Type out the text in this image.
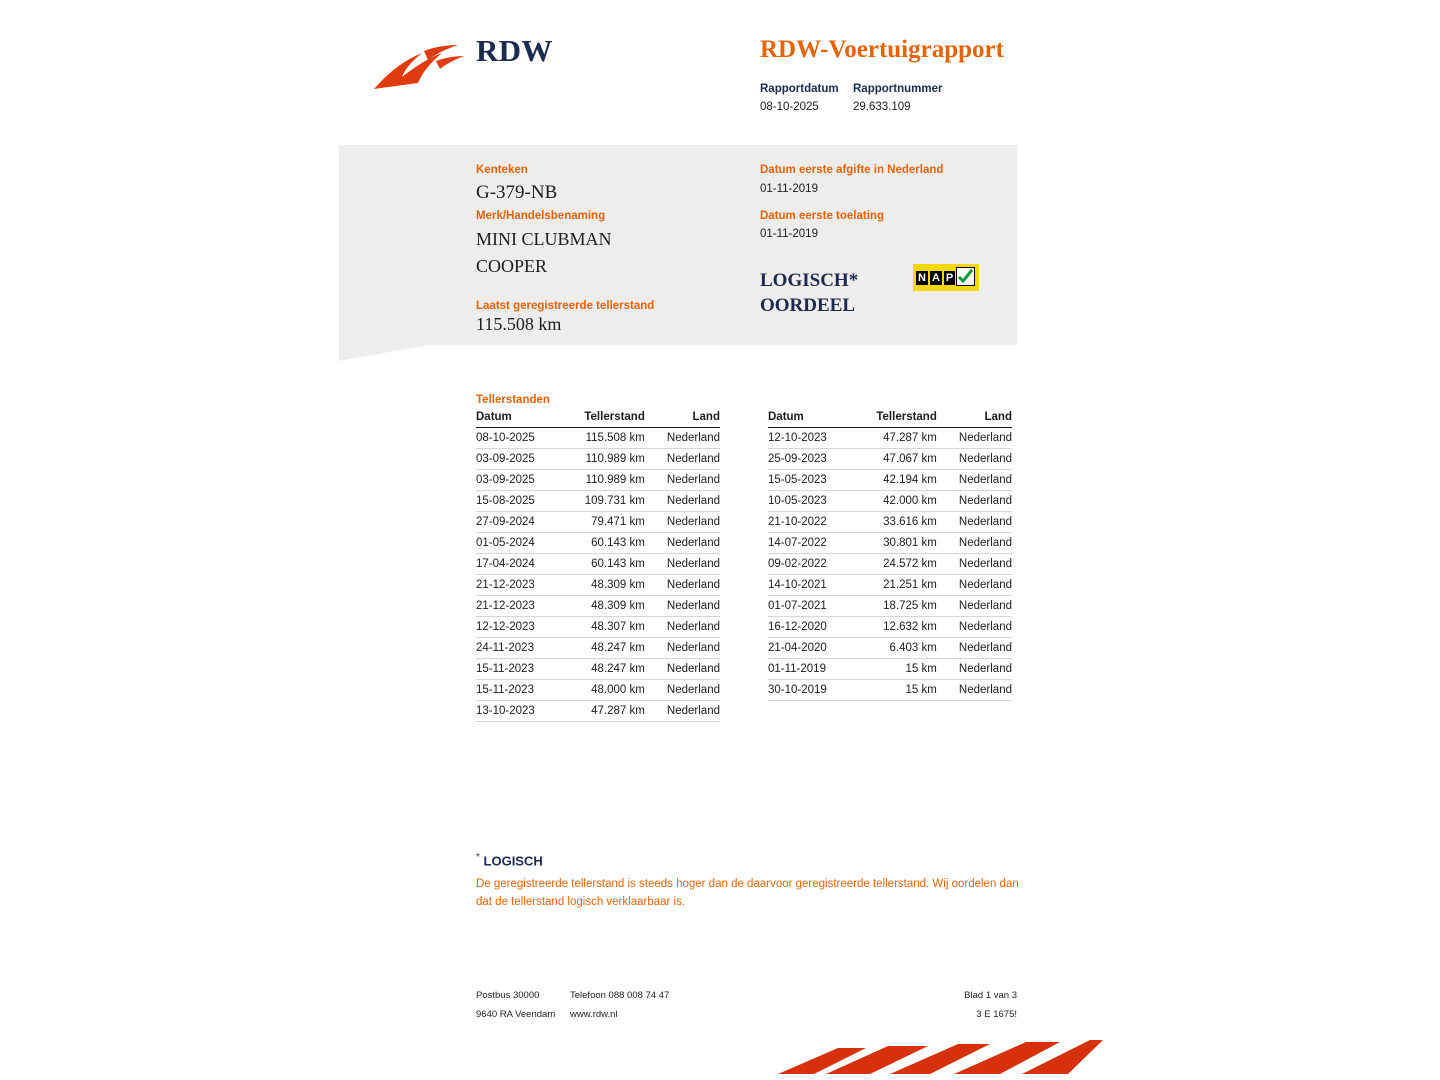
RDW	RDW-Voertuigrapport
Rapportdatum
08-10-2025
Rapportnummer
29.633.109
Kenteken
G-379-NB
Merk/Handelsbenaming
MINI CLUBMAN
COOPER
Laatst geregistreerde tellerstand
115.508 km
Datum eerste afgifte in Nederland
01-11-2019
Datum eerste toelating
01-11-2019
LOGISCH*
OORDEEL
N A P
Tellerstanden
Datum	Tellerstand	Land
08-10-2025	115.508 km	Nederland
03-09-2025	110.989 km	Nederland
03-09-2025	110.989 km	Nederland
15-08-2025	109.731 km	Nederland
27-09-2024	79.471 km	Nederland
01-05-2024	60.143 km	Nederland
17-04-2024	60.143 km	Nederland
21-12-2023	48.309 km	Nederland
21-12-2023	48.309 km	Nederland
12-12-2023	48.307 km	Nederland
24-11-2023	48.247 km	Nederland
15-11-2023	48.247 km	Nederland
15-11-2023	48.000 km	Nederland
13-10-2023	47.287 km	Nederland
Datum	Tellerstand	Land
12-10-2023	47.287 km	Nederland
25-09-2023	47.067 km	Nederland
15-05-2023	42.194 km	Nederland
10-05-2023	42.000 km	Nederland
21-10-2022	33.616 km	Nederland
14-07-2022	30.801 km	Nederland
09-02-2022	24.572 km	Nederland
14-10-2021	21.251 km	Nederland
01-07-2021	18.725 km	Nederland
16-12-2020	12.632 km	Nederland
21-04-2020	6.403 km	Nederland
01-11-2019	15 km	Nederland
30-10-2019	15 km	Nederland
* LOGISCH
De geregistreerde tellerstand is steeds hoger dan de daarvoor geregistreerde tellerstand. Wij oordelen dan dat de tellerstand logisch verklaarbaar is.
Postbus 30000
9640 RA Veendam
Telefoon 088 008 74 47
www.rdw.nl
Blad 1 van 3
3 E 1675!
